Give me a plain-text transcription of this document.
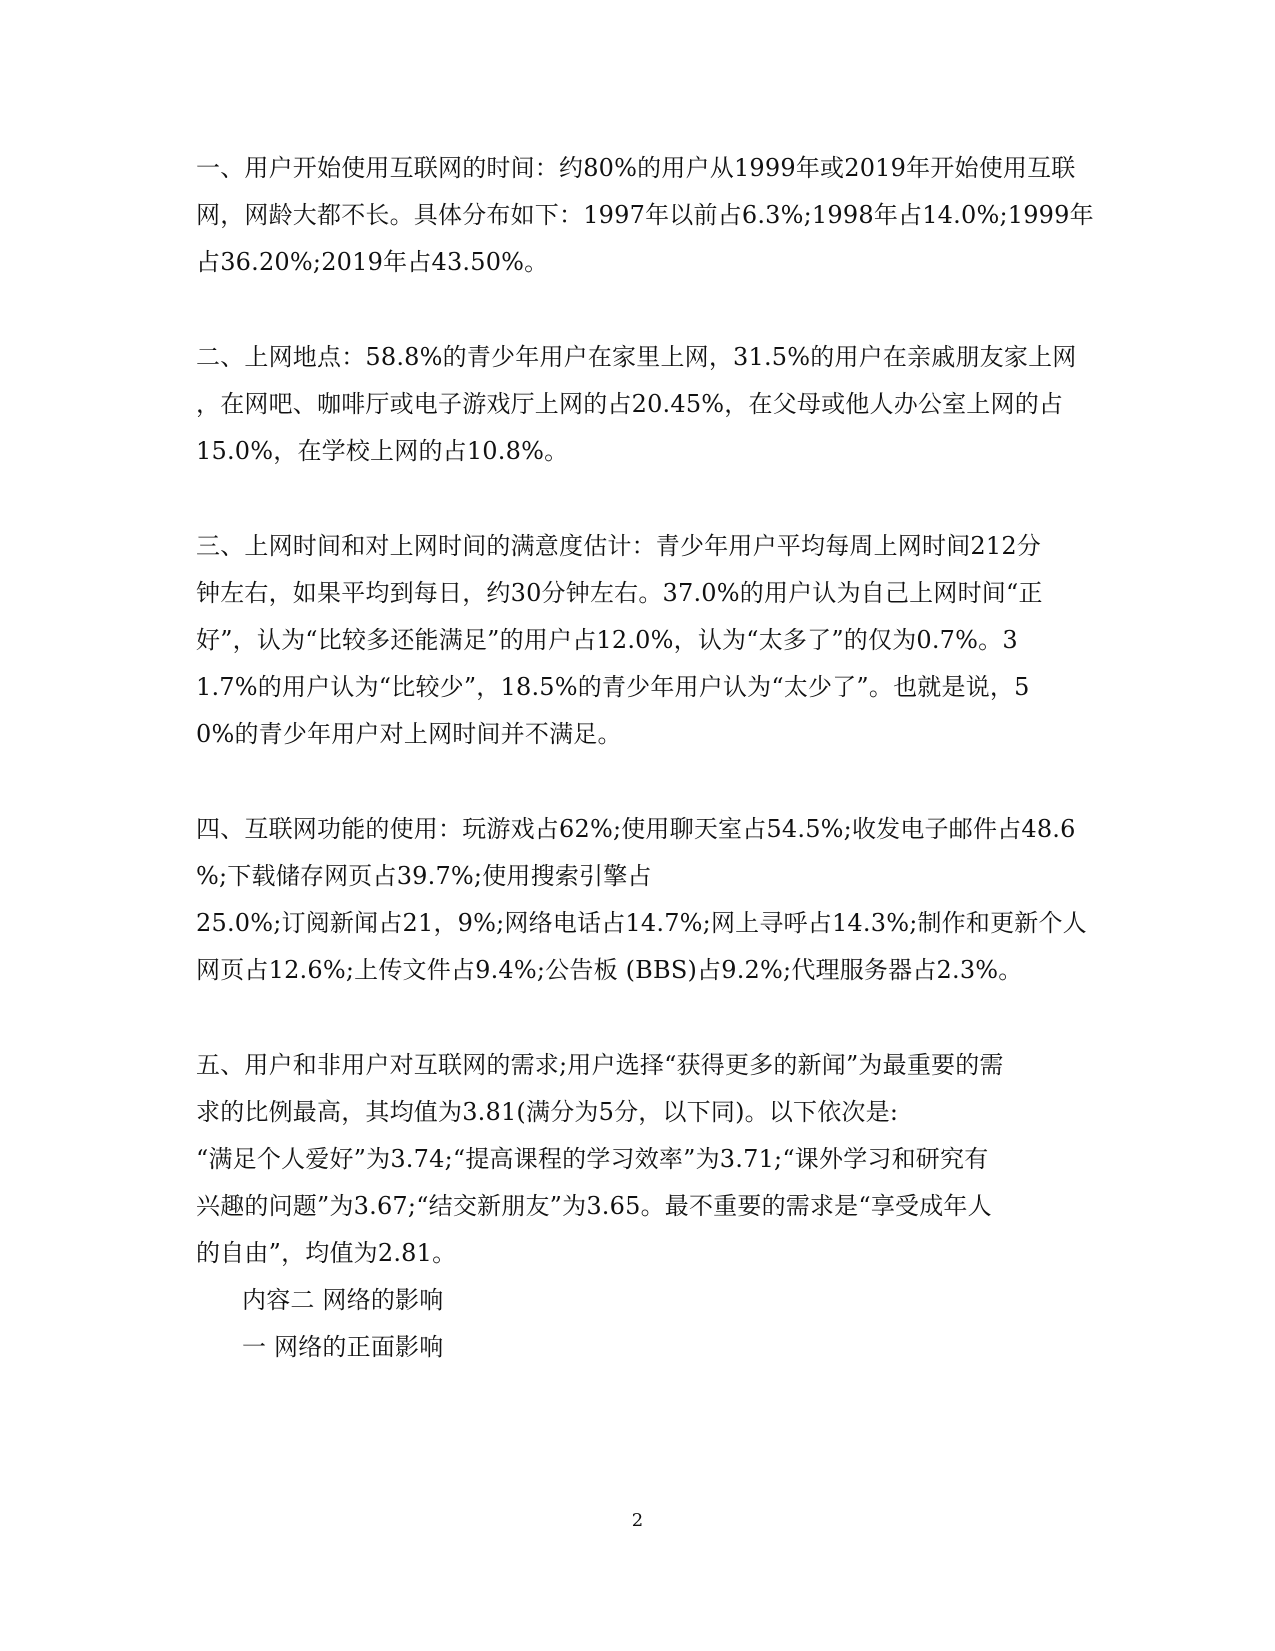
一、用户开始使用互联网的时间：约80%的用户从1999年或2019年开始使用互联
网，网龄大都不长。具体分布如下：1997年以前占6.3%;1998年占14.0%;1999年
占36.20%;2019年占43.50%。
二、上网地点：58.8%的青少年用户在家里上网，31.5%的用户在亲戚朋友家上网
，在网吧、咖啡厅或电子游戏厅上网的占20.45%，在父母或他人办公室上网的占
15.0%，在学校上网的占10.8%。
三、上网时间和对上网时间的满意度估计：青少年用户平均每周上网时间212分
钟左右，如果平均到每日，约30分钟左右。37.0%的用户认为自己上网时间“正
好”，认为“比较多还能满足”的用户占12.0%，认为“太多了”的仅为0.7%。3
1.7%的用户认为“比较少”，18.5%的青少年用户认为“太少了”。也就是说，5
0%的青少年用户对上网时间并不满足。
四、互联网功能的使用：玩游戏占62%;使用聊天室占54.5%;收发电子邮件占48.6
%;下载储存网页占39.7%;使用搜索引擎占
25.0%;订阅新闻占21，9%;网络电话占14.7%;网上寻呼占14.3%;制作和更新个人
网页占12.6%;上传文件占9.4%;公告板 (BBS)占9.2%;代理服务器占2.3%。
五、用户和非用户对互联网的需求;用户选择“获得更多的新闻”为最重要的需
求的比例最高，其均值为3.81(满分为5分，以下同)。以下依次是:
“满足个人爱好”为3.74;“提高课程的学习效率”为3.71;“课外学习和研究有
兴趣的问题”为3.67;“结交新朋友”为3.65。最不重要的需求是“享受成年人
的自由”，均值为2.81。
内容二 网络的影响
一 网络的正面影响
2
